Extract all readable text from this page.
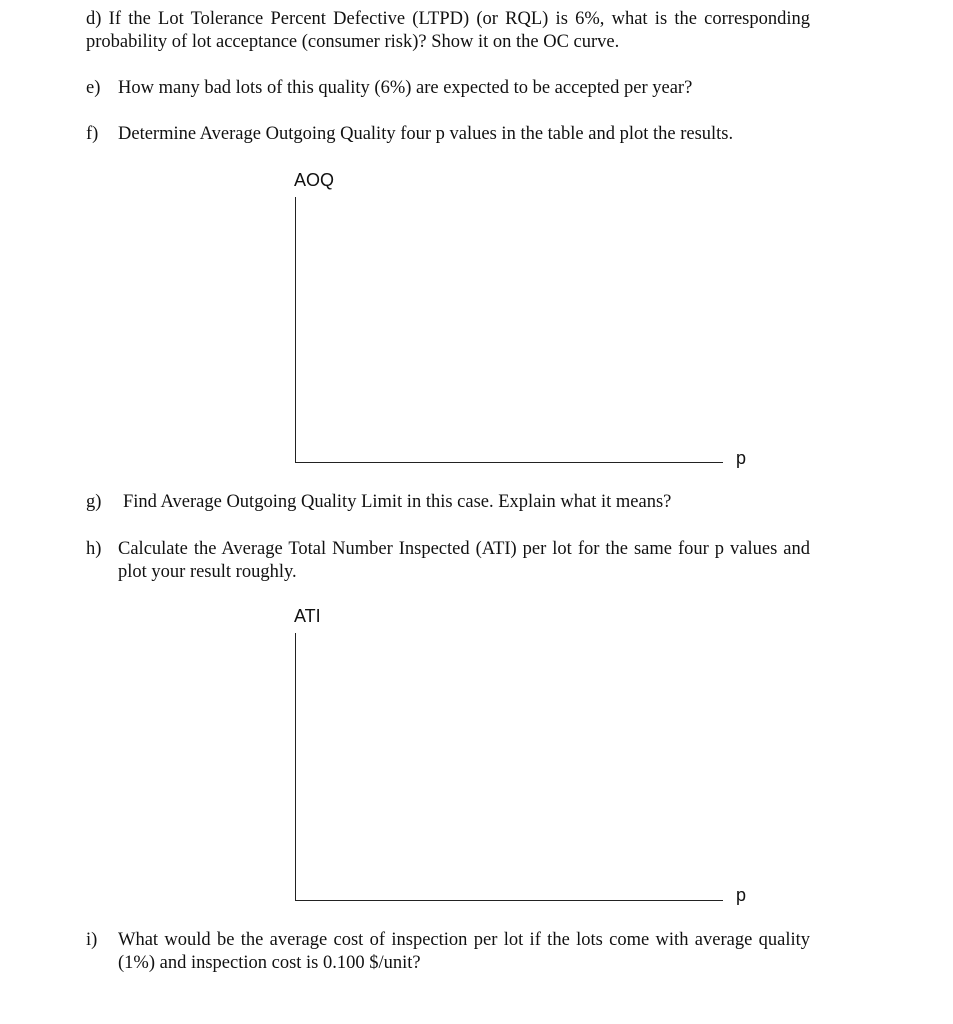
d) If the Lot Tolerance Percent Defective (LTPD) (or RQL) is 6%, what is the corresponding probability of lot acceptance (consumer risk)? Show it on the OC curve.
e) How many bad lots of this quality (6%) are expected to be accepted per year?
f)	Determine Average Outgoing Quality four p values in the table and plot the results.
AOQ
p
g)	Find Average Outgoing Quality Limit in this case. Explain what it means?
h) Calculate the Average Total Number Inspected (ATI) per lot for the same four p values and plot your result roughly.
ATI
p
i)	What would be the average cost of inspection per lot if the lots come with average quality (1%) and inspection cost is 0.100 $/unit?
